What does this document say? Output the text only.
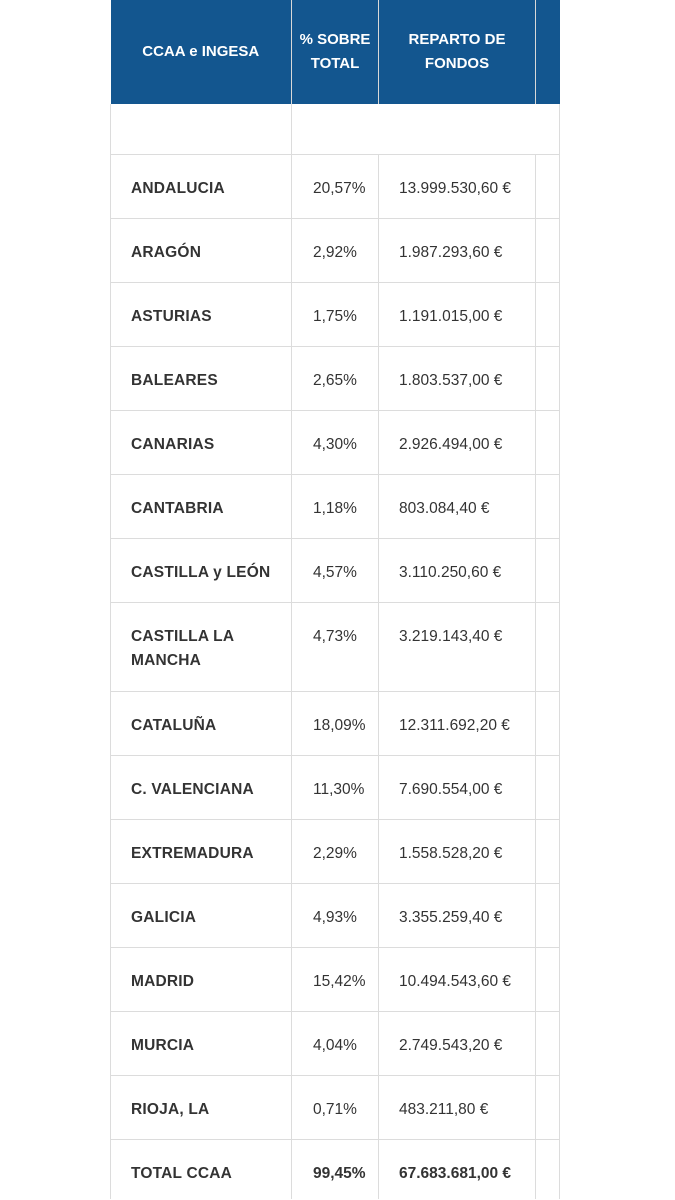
CCAA e INGESA	% SOBRE TOTAL	REPARTO DE FONDOS	

ANDALUCIA	20,57%	13.999.530,60 €	
ARAGÓN	2,92%	1.987.293,60 €	
ASTURIAS	1,75%	1.191.015,00 €	
BALEARES	2,65%	1.803.537,00 €	
CANARIAS	4,30%	2.926.494,00 €	
CANTABRIA	1,18%	803.084,40 €	
CASTILLA y LEÓN	4,57%	3.110.250,60 €	
CASTILLA LA MANCHA	4,73%	3.219.143,40 €	
CATALUÑA	18,09%	12.311.692,20 €	
C. VALENCIANA	11,30%	7.690.554,00 €	
EXTREMADURA	2,29%	1.558.528,20 €	
GALICIA	4,93%	3.355.259,40 €	
MADRID	15,42%	10.494.543,60 €	
MURCIA	4,04%	2.749.543,20 €	
RIOJA, LA	0,71%	483.211,80 €	
TOTAL CCAA	99,45%	67.683.681,00 €	
